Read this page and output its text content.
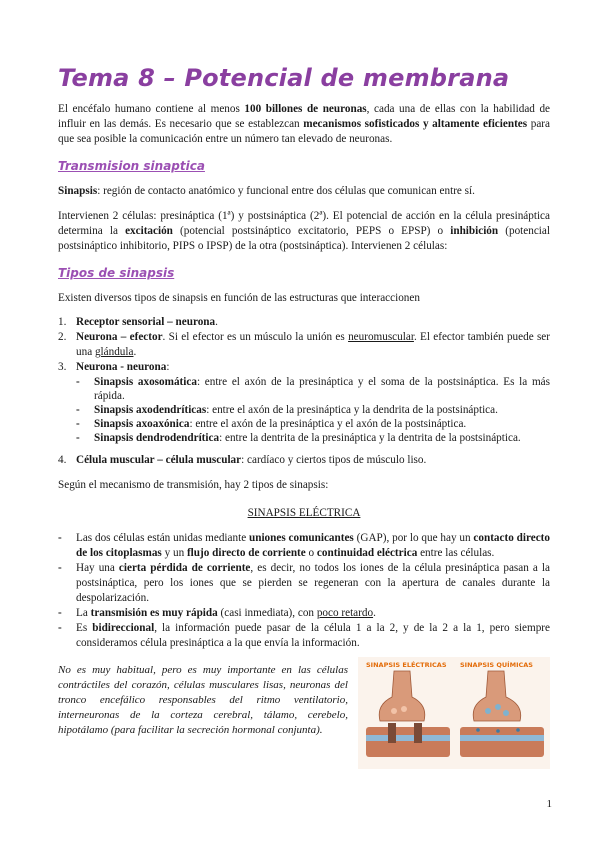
Tema 8 – Potencial de membrana

El encéfalo humano contiene al menos 100 billones de neuronas, cada una de ellas con la habilidad de influir en las demás. Es necesario que se establezcan mecanismos sofisticados y altamente eficientes para que sea posible la comunicación entre un número tan elevado de neuronas.

Transmision sinaptica

Sinapsis: región de contacto anatómico y funcional entre dos células que comunican entre sí.

Intervienen 2 células: presináptica (1ª) y postsináptica (2ª). El potencial de acción en la célula presináptica determina la excitación (potencial postsináptico excitatorio, PEPS o EPSP) o inhibición (potencial postsináptico inhibitorio, PIPS o IPSP) de la otra (postsináptica). Intervienen 2 células:

Tipos de sinapsis

Existen diversos tipos de sinapsis en función de las estructuras que interaccionen

1. Receptor sensorial – neurona.
2. Neurona – efector. Si el efector es un músculo la unión es neuromuscular. El efector también puede ser una glándula.
3. Neurona - neurona:
- Sinapsis axosomática: entre el axón de la presináptica y el soma de la postsináptica. Es la más rápida.
- Sinapsis axodendríticas: entre el axón de la presináptica y la dendrita de la postsináptica.
- Sinapsis axoaxónica: entre el axón de la presináptica y el axón de la postsináptica.
- Sinapsis dendrodendrítica: entre la dentrita de la presináptica y la dentrita de la postsináptica.
4. Célula muscular – célula muscular: cardíaco y ciertos tipos de músculo liso.

Según el mecanismo de transmisión, hay 2 tipos de sinapsis:

SINAPSIS ELÉCTRICA
- Las dos células están unidas mediante uniones comunicantes (GAP), por lo que hay un contacto directo de los citoplasmas y un flujo directo de corriente o continuidad eléctrica entre las células.
- Hay una cierta pérdida de corriente, es decir, no todos los iones de la célula presináptica pasan a la postsináptica, pero los iones que se pierden se regeneran con la apertura de canales durante la despolarización.
- La transmisión es muy rápida (casi inmediata), con poco retardo.
- Es bidireccional, la información puede pasar de la célula 1 a la 2, y de la 2 a la 1, pero siempre consideramos célula presináptica a la que envía la información.
No es muy habitual, pero es muy importante en las células contráctiles del corazón, células musculares lisas, neuronas del tronco encefálico responsables del ritmo ventilatorio, interneuronas de la corteza cerebral, tálamo, cerebelo, hipotálamo (para facilitar la secreción hormonal conjunta).
SINAPSIS ELÉCTRICAS SINAPSIS QUÍMICAS
1
